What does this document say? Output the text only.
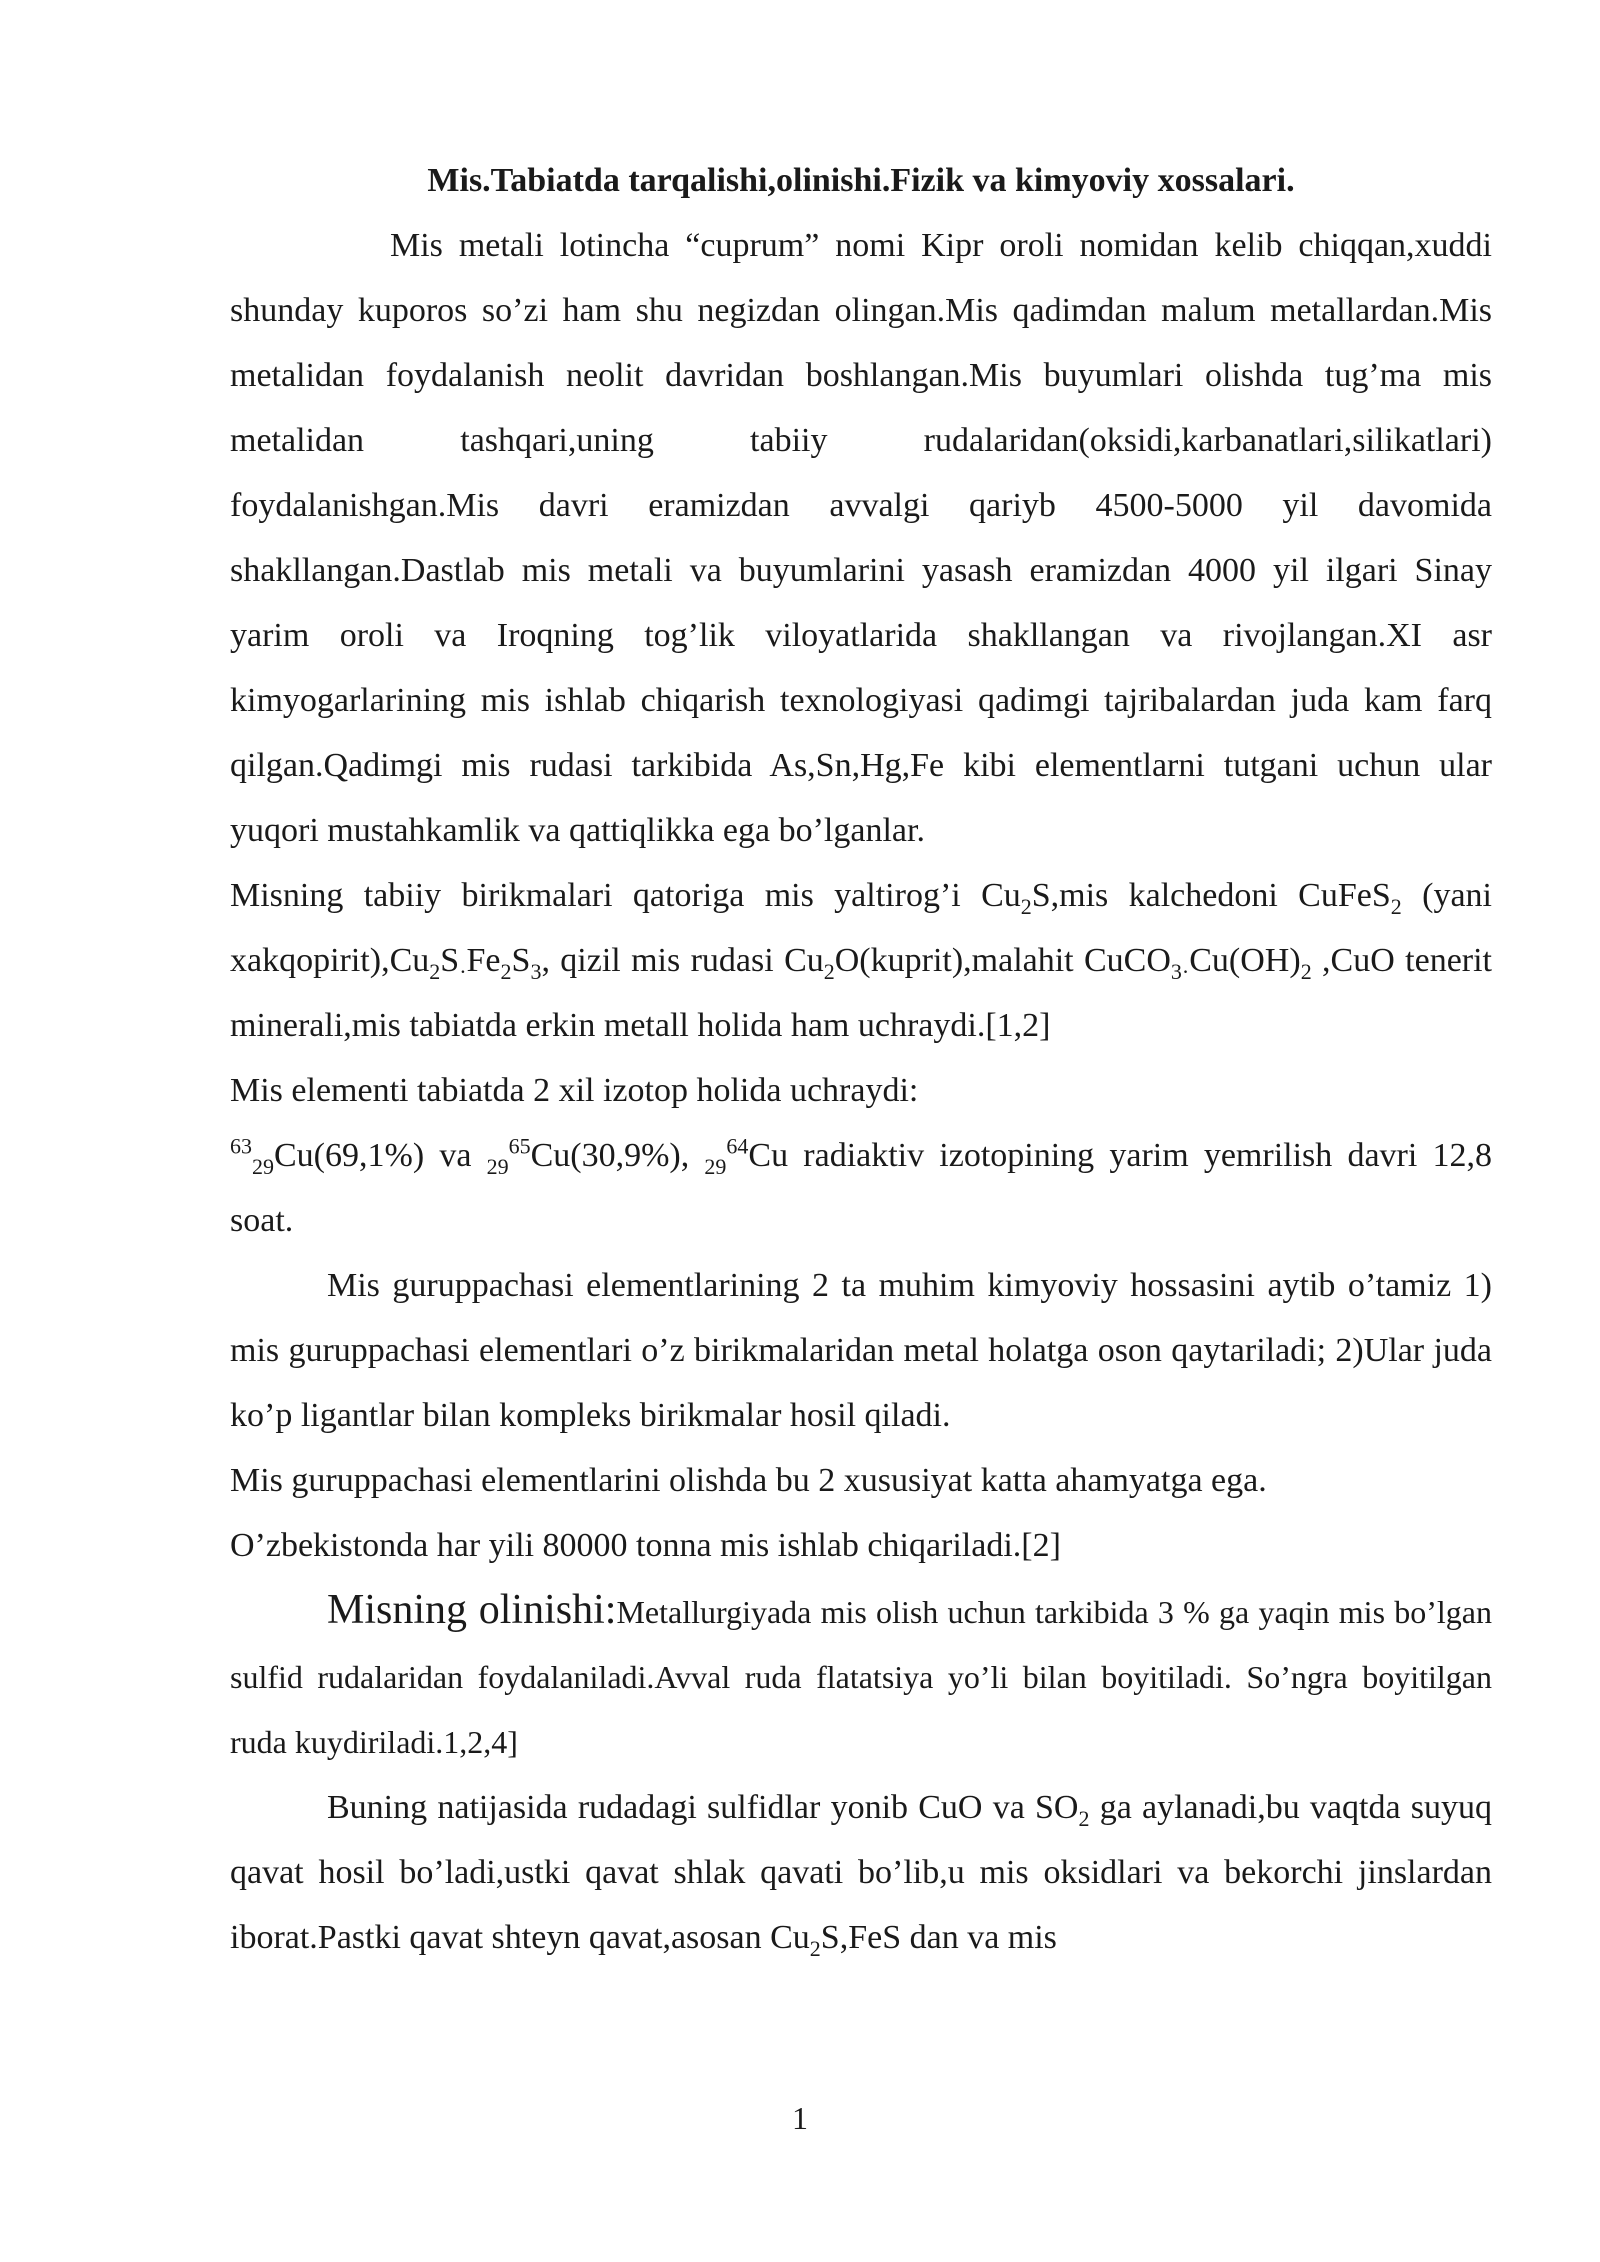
Mis.Tabiatda tarqalishi,olinishi.Fizik va kimyoviy xossalari.

Mis metali lotincha “cuprum” nomi Kipr oroli nomidan kelib chiqqan,xuddi shunday kuporos so’zi ham shu negizdan olingan.Mis qadimdan malum metallardan.Mis metalidan foydalanish neolit davridan boshlangan.Mis buyumlari olishda tug’ma mis metalidan tashqari,uning tabiiy rudalaridan(oksidi,karbanatlari,silikatlari) foydalanishgan.Mis davri eramizdan avvalgi qariyb 4500-5000 yil davomida shakllangan.Dastlab mis metali va buyumlarini yasash eramizdan 4000 yil ilgari Sinay yarim oroli va Iroqning tog’lik viloyatlarida shakllangan va rivojlangan.XI asr kimyogarlarining mis ishlab chiqarish texnologiyasi qadimgi tajribalardan juda kam farq qilgan.Qadimgi mis rudasi tarkibida As,Sn,Hg,Fe kibi elementlarni tutgani uchun ular yuqori mustahkamlik va qattiqlikka ega bo’lganlar.

Misning tabiiy birikmalari qatoriga mis yaltirog’i $Cu_2S,mis$ kalchedoni CuFeS$_2$ (yani $xakqopirit),Cu_2S_\cdot Fe_2S_3$, qizil mis rudasi $Cu_2O(kuprit),malahit$ $CuCO_{3\cdot}Cu(OH)_2$ ,CuO tenerit minerali,mis tabiatda erkin metall holida ham uchraydi.[1,2]

Mis elementi tabiatda 2 xil izotop holida uchraydi:

$^{63}_{29}$Cu(69,1%) va $_{29}^{65}$Cu(30,9%), $_{29}^{64}$Cu radiaktiv izotopining yarim yemrilish davri 12,8 soat.

Mis guruppachasi elementlarining 2 ta muhim kimyoviy hossasini aytib o’tamiz 1) mis guruppachasi elementlari o’z birikmalaridan metal holatga oson qaytariladi; 2)Ular juda ko’p ligantlar bilan kompleks birikmalar hosil qiladi.

Mis guruppachasi elementlarini olishda bu 2 xususiyat katta ahamyatga ega.

O’zbekistonda har yili 80000 tonna mis ishlab chiqariladi.[2]

Misning olinishi:Metallurgiyada mis olish uchun tarkibida 3 % ga yaqin mis bo’lgan sulfid rudalaridan foydalaniladi.Avval ruda flatatsiya yo’li bilan boyitiladi. So’ngra boyitilgan ruda kuydiriladi.1,2,4]

Buning natijasida rudadagi sulfidlar yonib CuO va $SO_2$ ga aylanadi,bu vaqtda suyuq qavat hosil bo’ladi,ustki qavat shlak qavati bo’lib,u mis oksidlari va bekorchi jinslardan iborat.Pastki qavat shteyn qavat,asosan $Cu_2S,FeS$ dan va mis

1
